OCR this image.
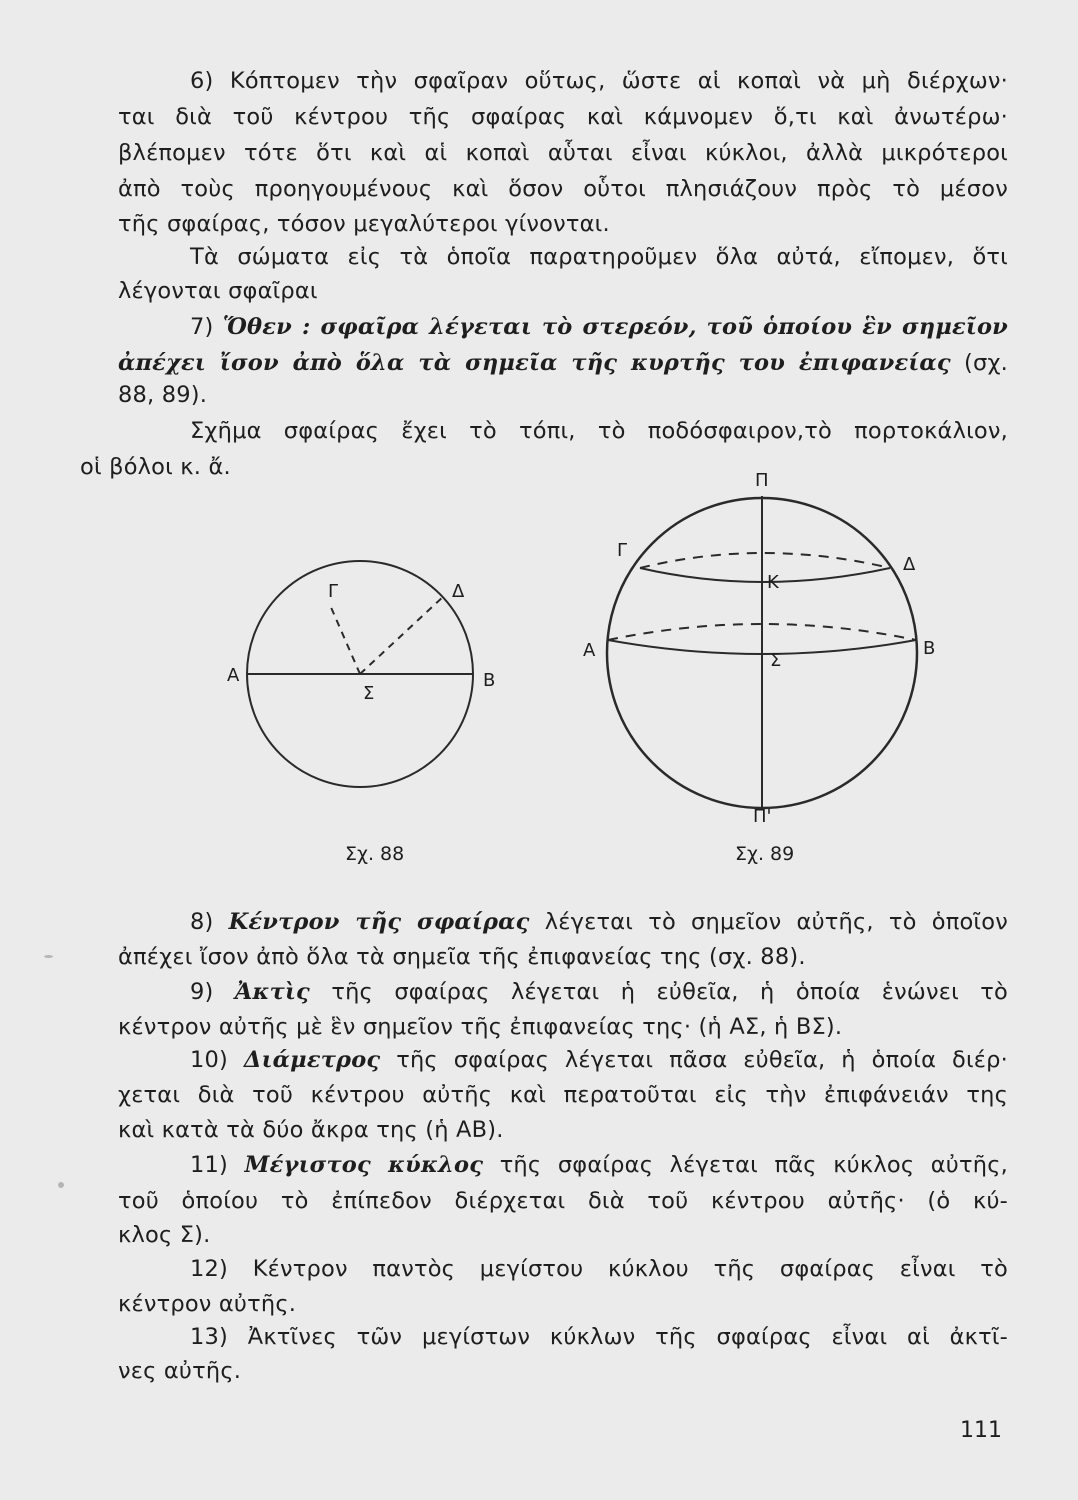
6) Κόπτομεν τὴν σφαῖραν οὕτως, ὥστε αἱ κοπαὶ νὰ μὴ διέρχων·
ται διὰ τοῦ κέντρου τῆς σφαίρας καὶ κάμνομεν ὅ,τι καὶ ἀνωτέρω·
βλέπομεν τότε ὅτι καὶ αἱ κοπαὶ αὗται εἶναι κύκλοι, ἀλλὰ μικρότεροι
ἀπὸ τοὺς προηγουμένους καὶ ὅσον οὗτοι πλησιάζουν πρὸς τὸ μέσον
τῆς σφαίρας, τόσον μεγαλύτεροι γίνονται.
Τὰ σώματα εἰς τὰ ὁποῖα παρατηροῦμεν ὅλα αὐτά, εἴπομεν, ὅτι
λέγονται σφαῖραι
7) Ὅθεν : σφαῖρα λέγεται τὸ στερεόν, τοῦ ὁποίου ἓν σημεῖον
ἀπέχει ἴσον ἀπὸ ὅλα τὰ σημεῖα τῆς κυρτῆς του ἐπιφανείας (σχ.
88, 89).
Σχῆμα σφαίρας ἔχει τὸ τόπι, τὸ ποδόσφαιρον,τὸ πορτοκάλιον,
οἱ βόλοι κ. ἄ.
Γ	Δ
Α	Β
Σ
Π
Γ
Δ
Κ
Α	Β
Σ
Π'
Σχ. 88	Σχ. 89
8) Κέντρον τῆς σφαίρας λέγεται τὸ σημεῖον αὐτῆς, τὸ ὁποῖον
ἀπέχει ἴσον ἀπὸ ὅλα τὰ σημεῖα τῆς ἐπιφανείας της (σχ. 88).
9) Ἀκτὶς τῆς σφαίρας λέγεται ἡ εὐθεῖα, ἡ ὁποία ἑνώνει τὸ
κέντρον αὐτῆς μὲ ἓν σημεῖον τῆς ἐπιφανείας της· (ἡ ΑΣ, ἡ ΒΣ).
10) Διάμετρος τῆς σφαίρας λέγεται πᾶσα εὐθεῖα, ἡ ὁποία διέρ·
χεται διὰ τοῦ κέντρου αὐτῆς καὶ περατοῦται εἰς τὴν ἐπιφάνειάν της
καὶ κατὰ τὰ δύο ἄκρα της (ἡ ΑΒ).
11) Μέγιστος κύκλος τῆς σφαίρας λέγεται πᾶς κύκλος αὐτῆς,
τοῦ ὁποίου τὸ ἐπίπεδον διέρχεται διὰ τοῦ κέντρου αὐτῆς· (ὁ κύ-
κλος Σ).
12) Κέντρον παντὸς μεγίστου κύκλου τῆς σφαίρας εἶναι τὸ
κέντρον αὐτῆς.
13) Ἀκτῖνες τῶν μεγίστων κύκλων τῆς σφαίρας εἶναι αἱ ἀκτῖ-
νες αὐτῆς.
111
